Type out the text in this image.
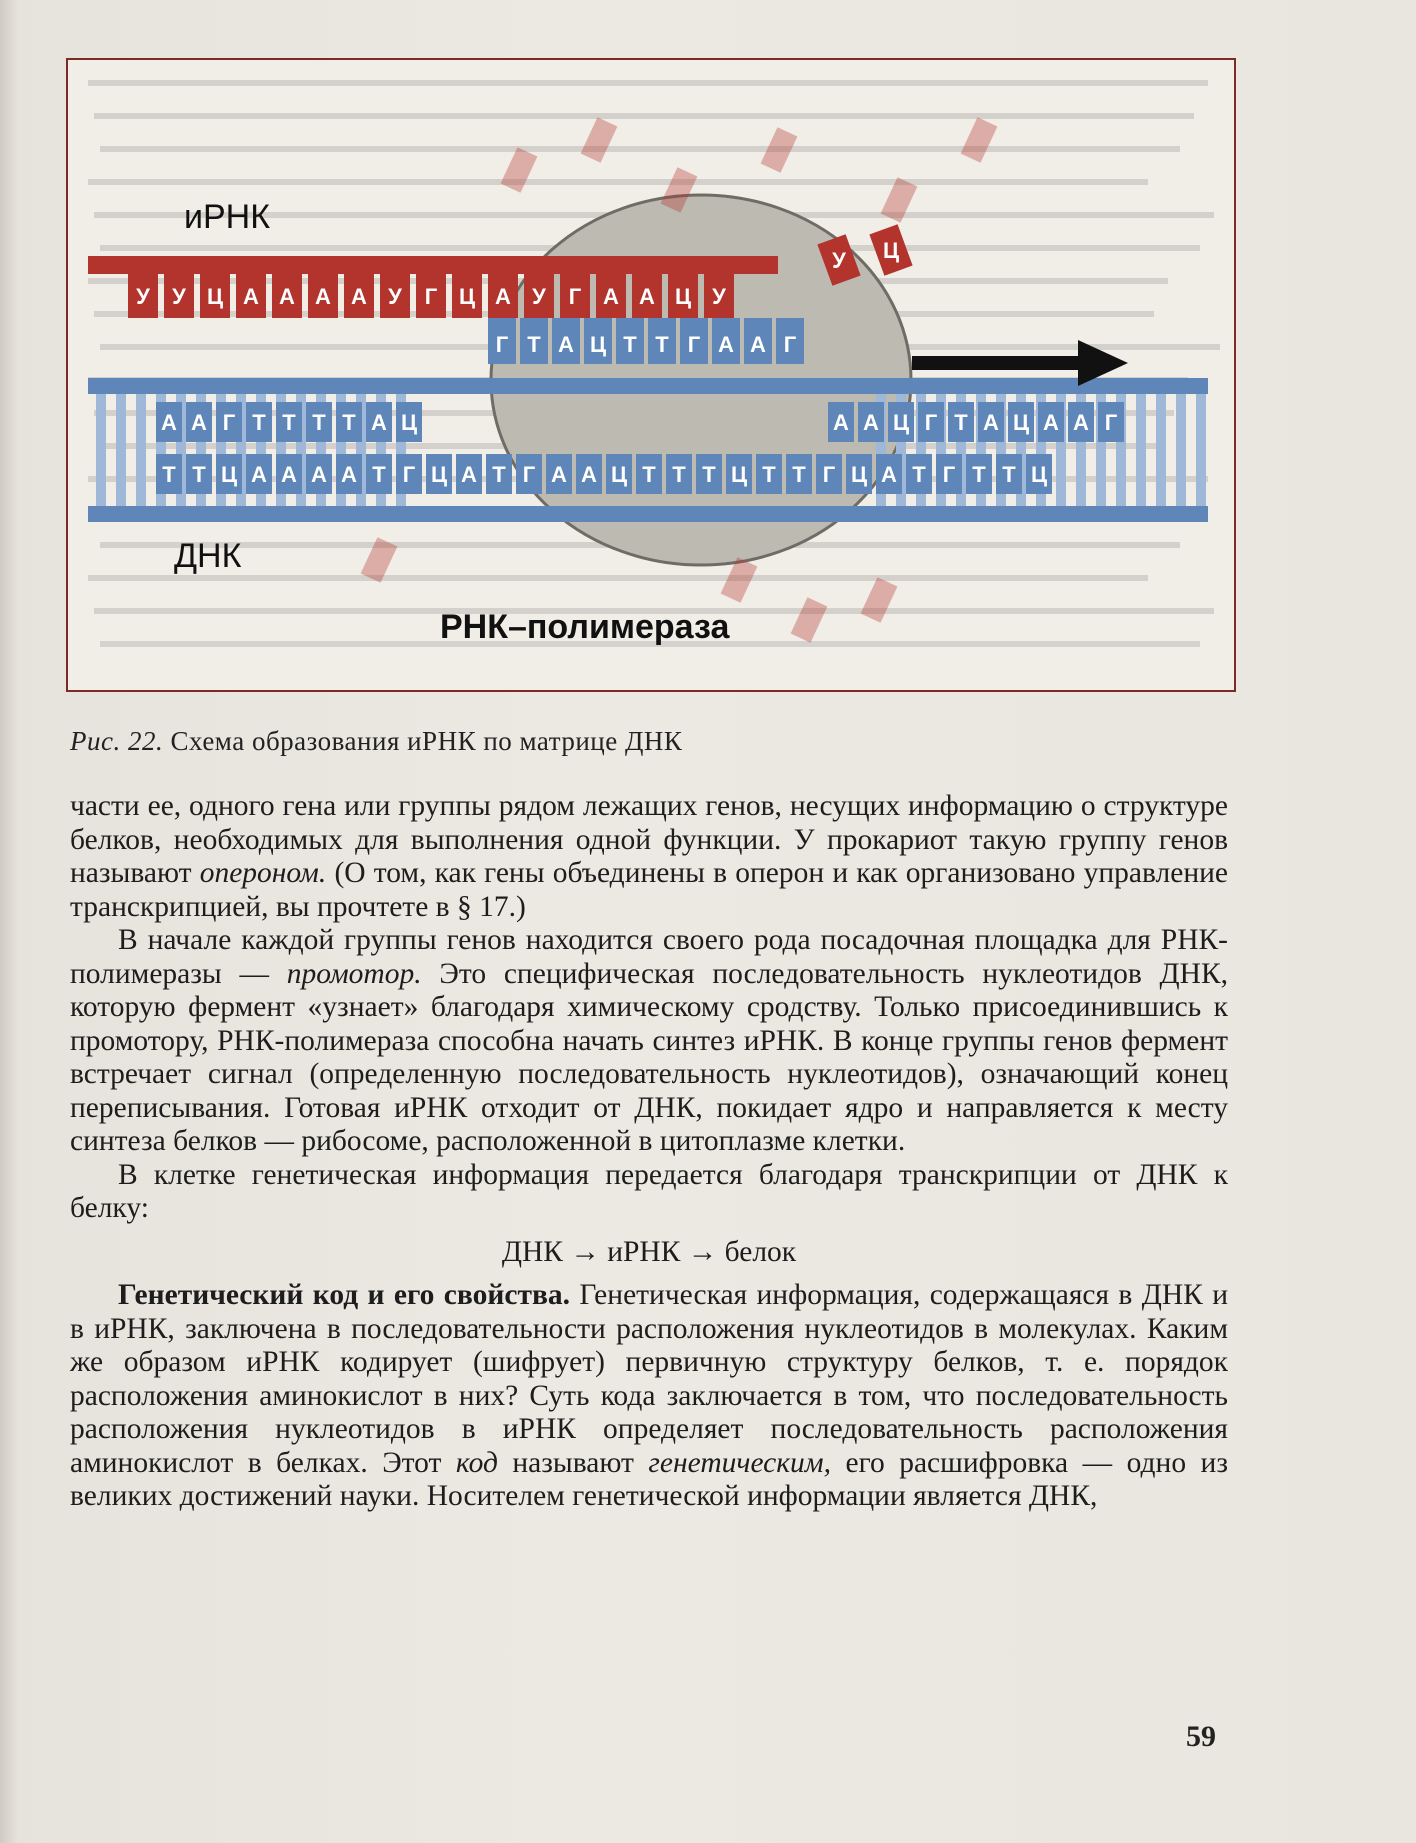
А А Г Т Т Т Т А Ц	А А Ц Г Т А Ц А А Г
Т Т Ц А А А А Т Г Ц А Т Г А А Ц Т Т Т Ц Т Т Г Ц А Т Г Т Т Ц
Г Т А Ц Т Т Г А А Г
У У Ц А А А А У Г Ц А У Г А А Ц У
У Ц
иРНК
ДНК
РНК–полимераза
Рис. 22. Схема образования иРНК по матрице ДНК

части ее, одного гена или группы рядом лежащих генов, несущих информацию о структуре белков, необходимых для выполнения одной функции. У прокариот такую группу генов называют опероном. (О том, как гены объединены в оперон и как организовано управление транскрипцией, вы прочтете в § 17.)

В начале каждой группы генов находится своего рода посадочная площадка для РНК-полимеразы — промотор. Это специфическая последовательность нуклеотидов ДНК, которую фермент «узнает» благодаря химическому сродству. Только присоединившись к промотору, РНК-полимераза способна начать синтез иРНК. В конце группы генов фермент встречает сигнал (определенную последовательность нуклеотидов), означающий конец переписывания. Готовая иРНК отходит от ДНК, покидает ядро и направляется к месту синтеза белков — рибосоме, расположенной в цитоплазме клетки.

В клетке генетическая информация передается благодаря транскрипции от ДНК к белку:

ДНК → иРНК → белок

Генетический код и его свойства. Генетическая информация, содержащаяся в ДНК и в иРНК, заключена в последовательности расположения нуклеотидов в молекулах. Каким же образом иРНК кодирует (шифрует) первичную структуру белков, т. е. порядок расположения аминокислот в них? Суть кода заключается в том, что последовательность расположения нуклеотидов в иРНК определяет последовательность расположения аминокислот в белках. Этот код называют генетическим, его расшифровка — одно из великих достижений науки. Носителем генетической информации является ДНК,

59
